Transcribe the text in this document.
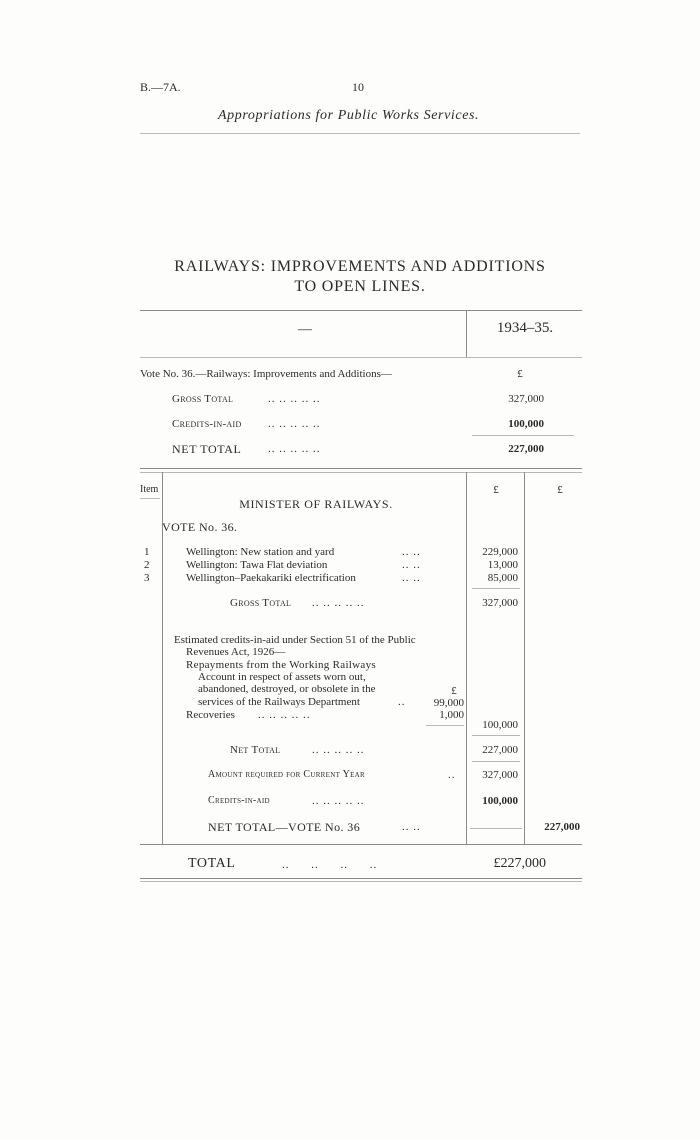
B.—7A.	10
Appropriations for Public Works Services.
RAILWAYS: IMPROVEMENTS AND ADDITIONS
TO OPEN LINES.
—	1934–35.
Vote No. 36.—Railways: Improvements and Additions—	£
Gross Total	.. .. .. .. ..	327,000
Credits-in-aid .. .. .. .. ..	100,000
NET TOTAL .. .. .. .. ..	227,000
Item	£	£
MINISTER OF RAILWAYS.
VOTE No. 36.
1	Wellington: New station and yard	.. ..	229,000
2	Wellington: Tawa Flat deviation	.. ..	13,000
3	Wellington–Paekakariki electrification	.. ..	85,000
Gross Total .. .. .. .. ..	327,000
Estimated credits-in-aid under Section 51 of the Public
Revenues Act, 1926—
Repayments from the Working Railways
Account in respect of assets worn out,
abandoned, destroyed, or obsolete in the	£
services of the Railways Department	..	99,000
Recoveries .. .. .. .. ..	1,000
100,000
Net Total	.. .. .. .. ..	227,000
Amount required for Current Year	..	327,000
Credits-in-aid	.. .. .. .. ..	100,000
NET TOTAL—VOTE No. 36	.. ..	227,000
TOTAL	.. .. .. ..	£227,000
